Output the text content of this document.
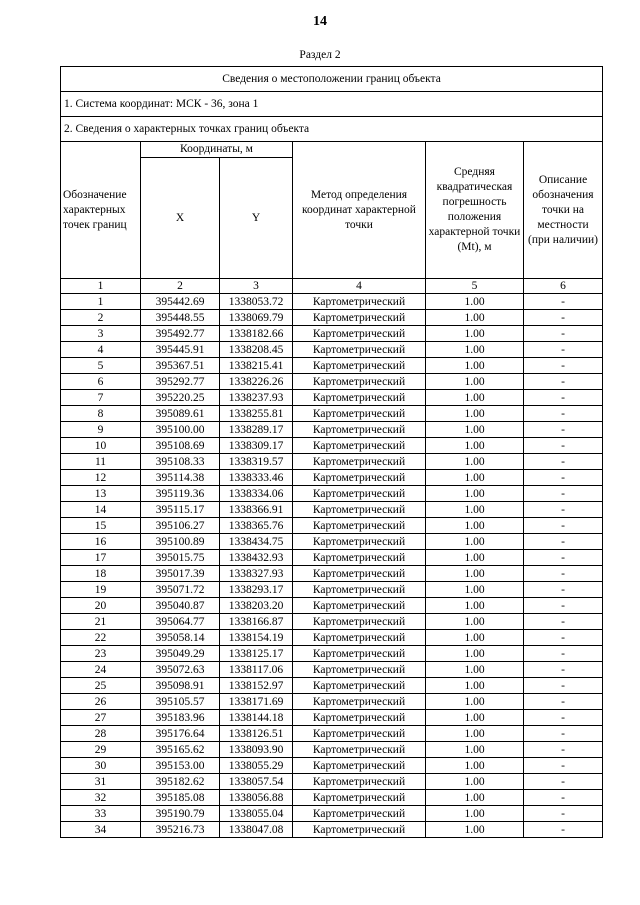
14
Раздел 2
Сведения о местоположении границ объекта					
1. Система координат: МСК - 36, зона 1					
2. Сведения о характерных точках границ объекта					
Обозначение характерных точек границ	Координаты, м		Метод определения координат характерной точки	Средняя квадратическая погрешность положения характерной точки (Mt), м	Описание обозначения точки на местности (при наличии)
	X	Y			
1	2	3	4	5	6
1	395442.69	1338053.72	Картометрический	1.00	-
2	395448.55	1338069.79	Картометрический	1.00	-
3	395492.77	1338182.66	Картометрический	1.00	-
4	395445.91	1338208.45	Картометрический	1.00	-
5	395367.51	1338215.41	Картометрический	1.00	-
6	395292.77	1338226.26	Картометрический	1.00	-
7	395220.25	1338237.93	Картометрический	1.00	-
8	395089.61	1338255.81	Картометрический	1.00	-
9	395100.00	1338289.17	Картометрический	1.00	-
10	395108.69	1338309.17	Картометрический	1.00	-
11	395108.33	1338319.57	Картометрический	1.00	-
12	395114.38	1338333.46	Картометрический	1.00	-
13	395119.36	1338334.06	Картометрический	1.00	-
14	395115.17	1338366.91	Картометрический	1.00	-
15	395106.27	1338365.76	Картометрический	1.00	-
16	395100.89	1338434.75	Картометрический	1.00	-
17	395015.75	1338432.93	Картометрический	1.00	-
18	395017.39	1338327.93	Картометрический	1.00	-
19	395071.72	1338293.17	Картометрический	1.00	-
20	395040.87	1338203.20	Картометрический	1.00	-
21	395064.77	1338166.87	Картометрический	1.00	-
22	395058.14	1338154.19	Картометрический	1.00	-
23	395049.29	1338125.17	Картометрический	1.00	-
24	395072.63	1338117.06	Картометрический	1.00	-
25	395098.91	1338152.97	Картометрический	1.00	-
26	395105.57	1338171.69	Картометрический	1.00	-
27	395183.96	1338144.18	Картометрический	1.00	-
28	395176.64	1338126.51	Картометрический	1.00	-
29	395165.62	1338093.90	Картометрический	1.00	-
30	395153.00	1338055.29	Картометрический	1.00	-
31	395182.62	1338057.54	Картометрический	1.00	-
32	395185.08	1338056.88	Картометрический	1.00	-
33	395190.79	1338055.04	Картометрический	1.00	-
34	395216.73	1338047.08	Картометрический	1.00	-
